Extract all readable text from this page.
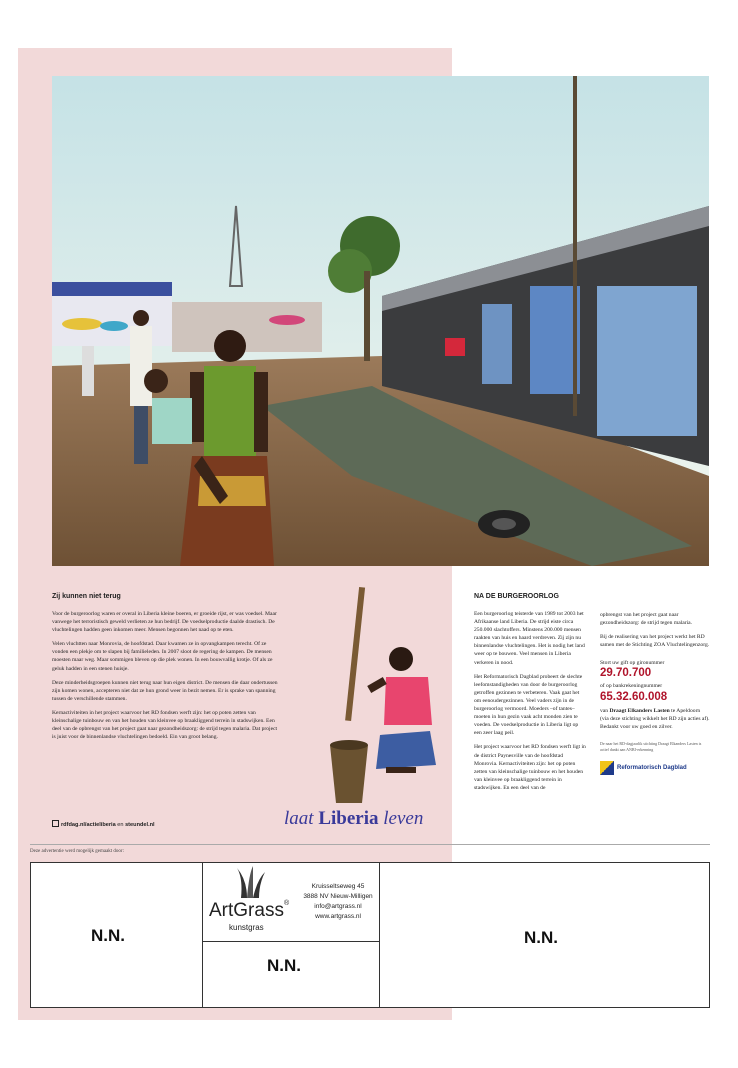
Zij kunnen niet terug

Voor de burgeroorlog waren er overal in Liberia kleine boeren, er groeide rijst, er was voedsel. Maar vanwege het terroristisch geweld verlieten ze hun bedrijf. De voedselproductie daalde drastisch. De vluchtelingen hadden geen inkomen meer. Mensen begonnen het naad op te eten.

Velen vluchtten naar Monrovia, de hoofdstad. Daar kwamen ze in opvangkampen terecht. Of ze vonden een plekje om te slapen bij familieleden. In 2007 sloot de regering de kampen. De mensen moesten maar weg. Maar sommigen bleven op die plek wonen. In een bouwvallig krotje. Of als ze geluk hadden in een stenen huisje.

Deze minderheidsgroepen kunnen niet terug naar hun eigen district. De mensen die daar ondertussen zijn komen wonen, accepteren niet dat ze hun grond weer in bezit nemen. Er is sprake van spanning tussen de verschillende stammen.

Kernactiviteiten in het project waarvoor het RD fondsen werft zijn: het op poten zetten van kleinschalige tuinbouw en van het houden van kleinvee op braakliggend terrein in stadswijken. Een deel van de opbrengst van het project gaat naar gezondheidszorg: de strijd tegen malaria. Dat project is juist voor de binnenlandse vluchtelingen bedoeld. Ein van groot belang.

rdfdag.nl/actieliberia en steundel.nl	laat Liberia leven
NA DE BURGEROORLOG

Een burgeroorlog teisterde van 1989 tot 2003 het Afrikaanse land Liberia. De strijd eiste circa 250.000 slachtoffers. Minstens 200.000 mensen raakten van huis en haard verdreven. Zij zijn nu binnenlandse vluchtelingen. Het is nodig het land weer op te bouwen. Veel mensen in Liberia verkeren in nood.

Het Reformatorisch Dagblad probeert de slechte leefomstandigheden van door de burgeroorlog getroffen gezinnen te verbeteren. Vaak gaat het om eenoudergezinnen. Veel vaders zijn in de burgeroorlog vermoord. Moeders –of tantes– moeten in hun gezin vaak acht monden zien te voeden. De voedselproductie in Liberia ligt op een zeer laag peil.

Het project waarvoor het RD fondsen werft ligt in de district Paynesville van de hoofdstad Monrovia. Kernactiviteiten zijn: het op poten zetten van kleinschalige tuinbouw en het houden van kleinvee op braakliggend terrein in stadswijken. En een deel van de

opbrengst van het project gaat naar gezondheidszorg: de strijd tegen malaria.

Bij de realisering van het project werkt het RD samen met de Stichting ZOA Vluchtelingenzorg.

Stort uw gift op gironummer
29.70.700
of op bankrekeningnummer
65.32.60.008
van Draagt Elkanders Lasten te Apeldoorn (via deze stichting wikkelt het RD zijn acties af). Bedankt voor uw goed en zilver.
De naar het RD-dagjaarlik stichting Draagt Elkanders Lasten is actief dankt aan ANBI-erkenning
Reformatorisch Dagblad
Deze advertentie werd mogelijk gemaakt door:
N.N.
N.N.
N.N.
ArtGrass®
kunstgras
Kruisseltseweg 45
3888 NV Nieuw-Milligen
info@artgrass.nl
www.artgrass.nl
